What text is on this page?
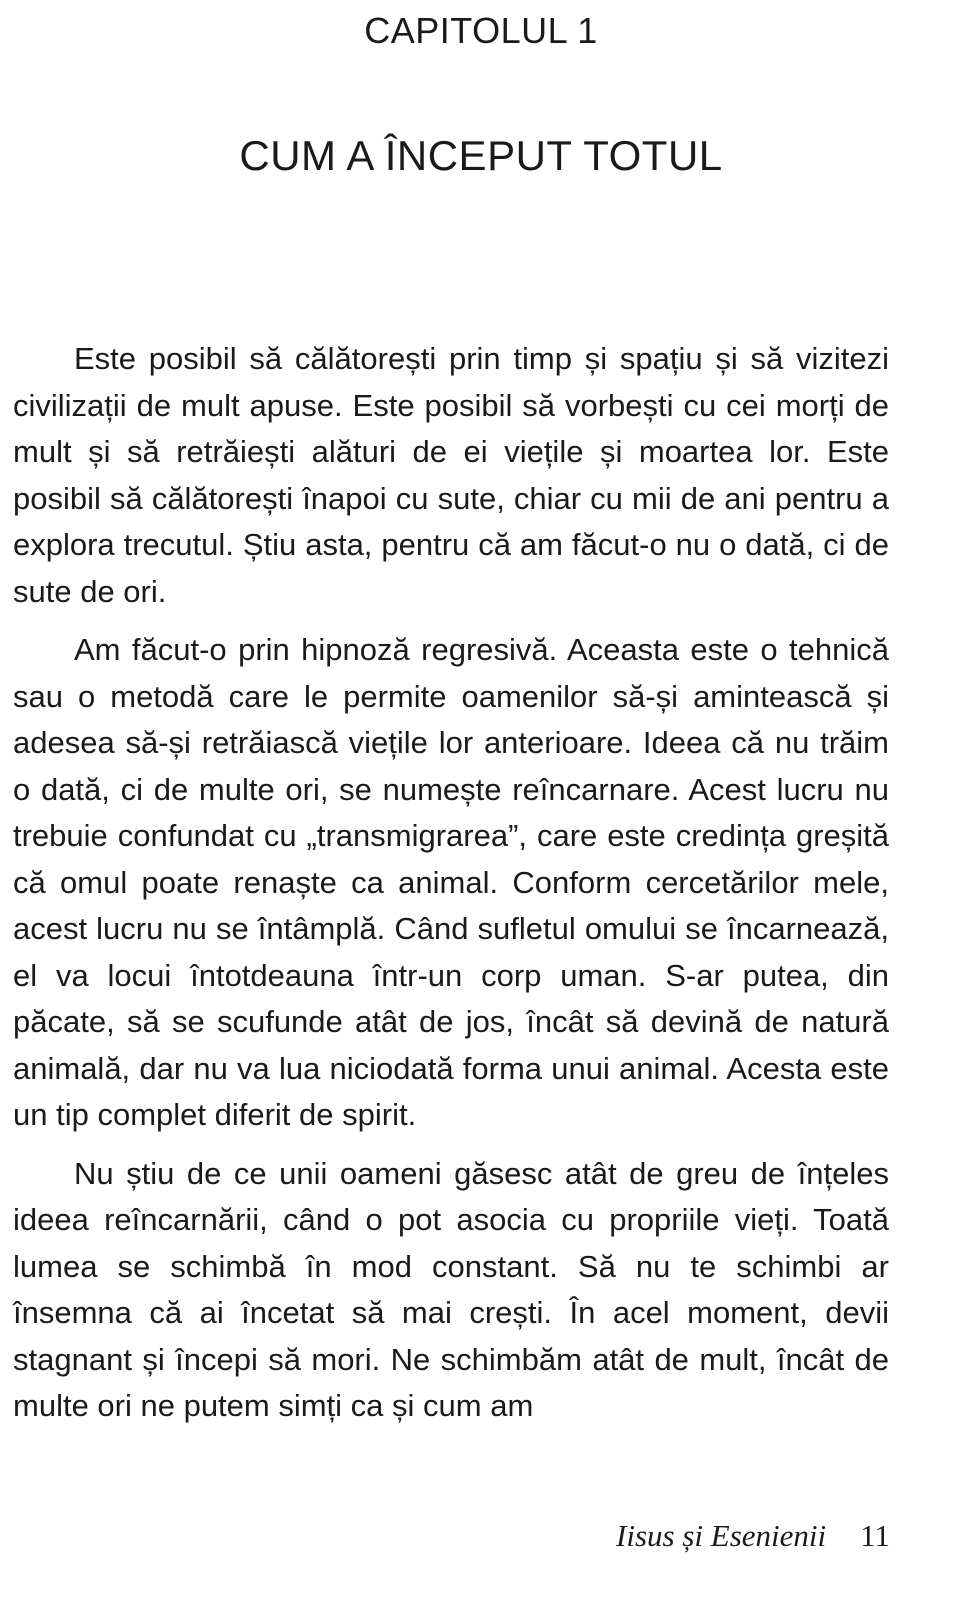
CAPITOLUL 1
CUM A ÎNCEPUT TOTUL

Este posibil să călătorești prin timp și spațiu și să vizitezi civilizații de mult apuse. Este posibil să vorbești cu cei morți de mult și să retrăiești alături de ei viețile și moartea lor. Este posibil să călătorești înapoi cu sute, chiar cu mii de ani pentru a explora trecutul. Știu asta, pentru că am făcut-o nu o dată, ci de sute de ori.

Am făcut-o prin hipnoză regresivă. Aceasta este o tehnică sau o metodă care le permite oamenilor să-și amintească și adesea să-și retrăiască viețile lor anterioare. Ideea că nu trăim o dată, ci de multe ori, se numește reîncarnare. Acest lucru nu trebuie confundat cu „transmigrarea”, care este credința greșită că omul poate renaște ca animal. Conform cercetărilor mele, acest lucru nu se întâmplă. Când sufletul omului se încarnează, el va locui întotdeauna într-un corp uman. S-ar putea, din păcate, să se scufunde atât de jos, încât să devină de natură animală, dar nu va lua niciodată forma unui animal. Acesta este un tip complet diferit de spirit.

Nu știu de ce unii oameni găsesc atât de greu de înțeles ideea reîncarnării, când o pot asocia cu propriile vieți. Toată lumea se schimbă în mod constant. Să nu te schimbi ar însemna că ai încetat să mai crești. În acel moment, devii stagnant și începi să mori. Ne schimbăm atât de mult, încât de multe ori ne putem simți ca și cum am

Iisus și Esenienii 11
